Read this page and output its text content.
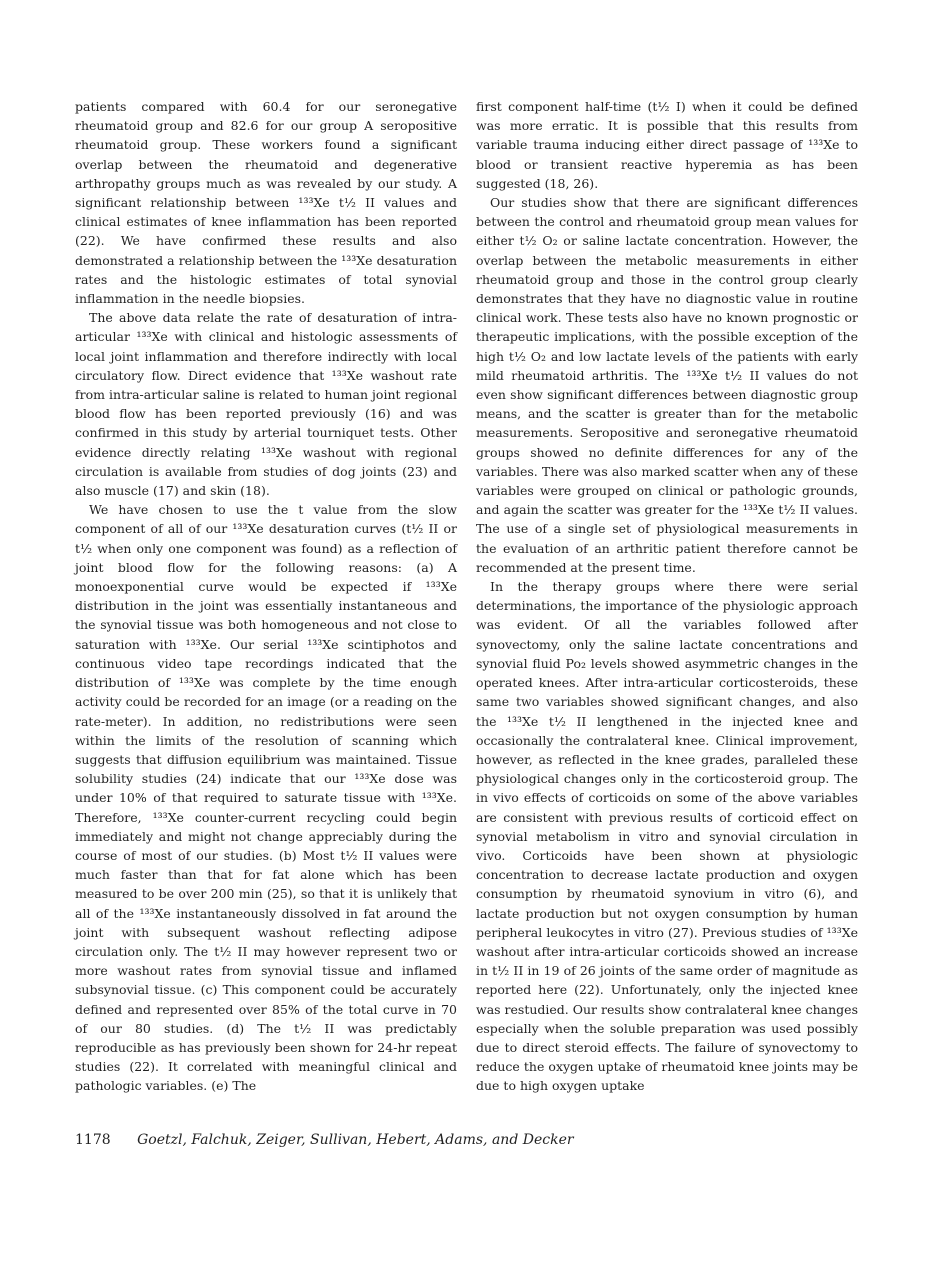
patients compared with 60.4 for our seronegative rheumatoid group and 82.6 for our group A seropositive rheumatoid group. These workers found a significant overlap between the rheumatoid and degenerative arthropathy groups much as was revealed by our study. A significant relationship between ¹³³Xe t½ II values and clinical estimates of knee inflammation has been reported (22). We have confirmed these results and also demonstrated a relationship between the ¹³³Xe desaturation rates and the histologic estimates of total synovial inflammation in the needle biopsies.

The above data relate the rate of desaturation of intra-articular ¹³³Xe with clinical and histologic assessments of local joint inflammation and therefore indirectly with local circulatory flow. Direct evidence that ¹³³Xe washout rate from intra-articular saline is related to human joint regional blood flow has been reported previously (16) and was confirmed in this study by arterial tourniquet tests. Other evidence directly relating ¹³³Xe washout with regional circulation is available from studies of dog joints (23) and also muscle (17) and skin (18).

We have chosen to use the t value from the slow component of all of our ¹³³Xe desaturation curves (t½ II or t½ when only one component was found) as a reflection of joint blood flow for the following reasons: (a) A monoexponential curve would be expected if ¹³³Xe distribution in the joint was essentially instantaneous and the synovial tissue was both homogeneous and not close to saturation with ¹³³Xe. Our serial ¹³³Xe scintiphotos and continuous video tape recordings indicated that the distribution of ¹³³Xe was complete by the time enough activity could be recorded for an image (or a reading on the rate-meter). In addition, no redistributions were seen within the limits of the resolution of scanning which suggests that diffusion equilibrium was maintained. Tissue solubility studies (24) indicate that our ¹³³Xe dose was under 10% of that required to saturate tissue with ¹³³Xe. Therefore, ¹³³Xe counter-current recycling could begin immediately and might not change appreciably during the course of most of our studies. (b) Most t½ II values were much faster than that for fat alone which has been measured to be over 200 min (25), so that it is unlikely that all of the ¹³³Xe instantaneously dissolved in fat around the joint with subsequent washout reflecting adipose circulation only. The t½ II may however represent two or more washout rates from synovial tissue and inflamed subsynovial tissue. (c) This component could be accurately defined and represented over 85% of the total curve in 70 of our 80 studies. (d) The t½ II was predictably reproducible as has previously been shown for 24-hr repeat studies (22). It correlated with meaningful clinical and pathologic variables. (e) The

first component half-time (t½ I) when it could be defined was more erratic. It is possible that this results from variable trauma inducing either direct passage of ¹³³Xe to blood or transient reactive hyperemia as has been suggested (18, 26).

Our studies show that there are significant differences between the control and rheumatoid group mean values for either t½ O₂ or saline lactate concentration. However, the overlap between the metabolic measurements in either rheumatoid group and those in the control group clearly demonstrates that they have no diagnostic value in routine clinical work. These tests also have no known prognostic or therapeutic implications, with the possible exception of the high t½ O₂ and low lactate levels of the patients with early mild rheumatoid arthritis. The ¹³³Xe t½ II values do not even show significant differences between diagnostic group means, and the scatter is greater than for the metabolic measurements. Seropositive and seronegative rheumatoid groups showed no definite differences for any of the variables. There was also marked scatter when any of these variables were grouped on clinical or pathologic grounds, and again the scatter was greater for the ¹³³Xe t½ II values. The use of a single set of physiological measurements in the evaluation of an arthritic patient therefore cannot be recommended at the present time.

In the therapy groups where there were serial determinations, the importance of the physiologic approach was evident. Of all the variables followed after synovectomy, only the saline lactate concentrations and synovial fluid Po₂ levels showed asymmetric changes in the operated knees. After intra-articular corticosteroids, these same two variables showed significant changes, and also the ¹³³Xe t½ II lengthened in the injected knee and occasionally the contralateral knee. Clinical improvement, however, as reflected in the knee grades, paralleled these physiological changes only in the corticosteroid group. The in vivo effects of corticoids on some of the above variables are consistent with previous results of corticoid effect on synovial metabolism in vitro and synovial circulation in vivo. Corticoids have been shown at physiologic concentration to decrease lactate production and oxygen consumption by rheumatoid synovium in vitro (6), and lactate production but not oxygen consumption by human peripheral leukocytes in vitro (27). Previous studies of ¹³³Xe washout after intra-articular corticoids showed an increase in t½ II in 19 of 26 joints of the same order of magnitude as reported here (22). Unfortunately, only the injected knee was restudied. Our results show contralateral knee changes especially when the soluble preparation was used possibly due to direct steroid effects. The failure of synovectomy to reduce the oxygen uptake of rheumatoid knee joints may be due to high oxygen uptake

1178 Goetzl, Falchuk, Zeiger, Sullivan, Hebert, Adams, and Decker
